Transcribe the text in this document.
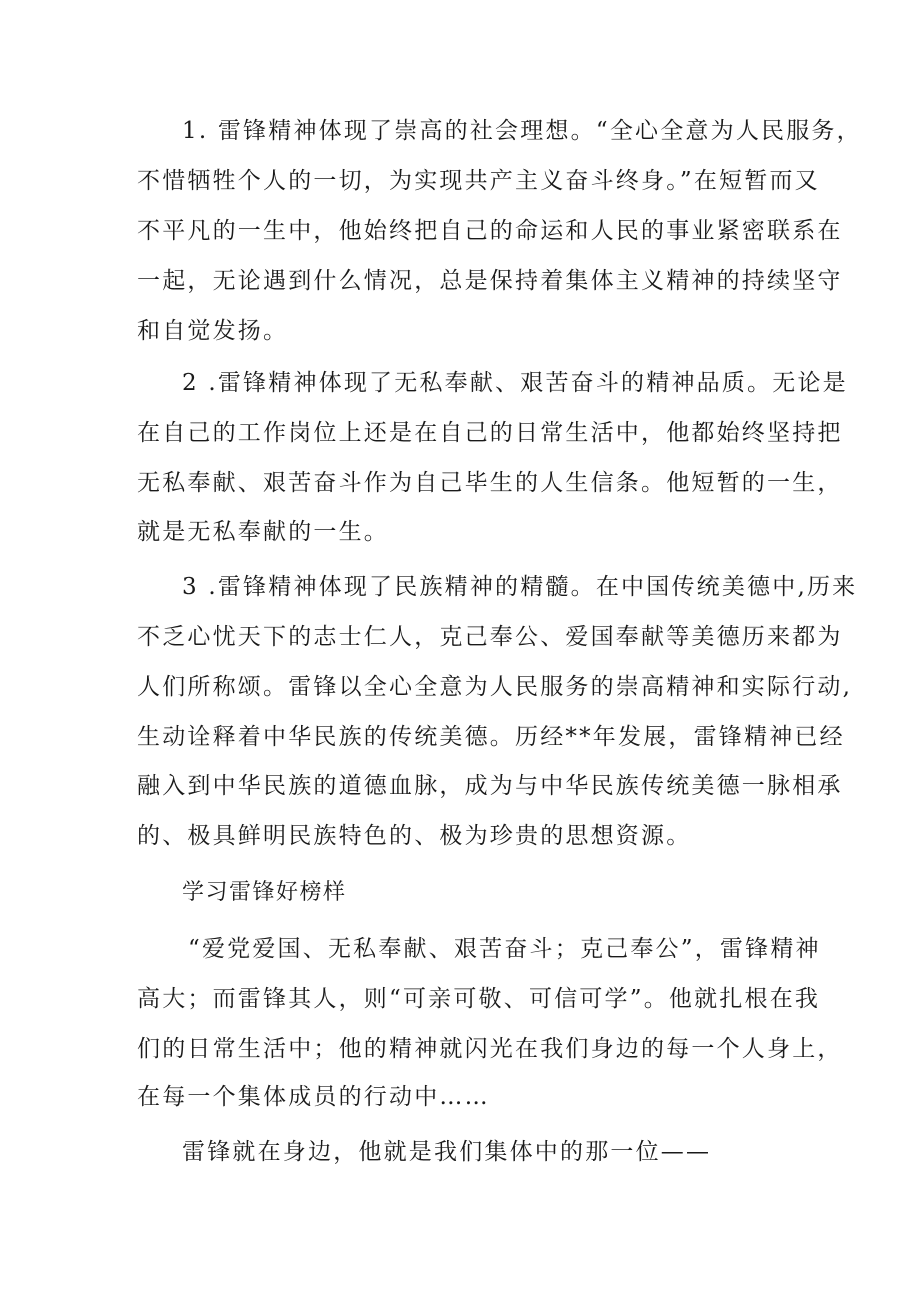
1. 雷锋精神体现了崇高的社会理想。“全心全意为人民服务，
不惜牺牲个人的一切，为实现共产主义奋斗终身。”在短暂而又
不平凡的一生中，他始终把自己的命运和人民的事业紧密联系在
一起，无论遇到什么情况，总是保持着集体主义精神的持续坚守
和自觉发扬。
2 .雷锋精神体现了无私奉献、艰苦奋斗的精神品质。无论是
在自己的工作岗位上还是在自己的日常生活中，他都始终坚持把
无私奉献、艰苦奋斗作为自己毕生的人生信条。他短暂的一生，
就是无私奉献的一生。
3 .雷锋精神体现了民族精神的精髓。在中国传统美德中,历来
不乏心忧天下的志士仁人，克己奉公、爱国奉献等美德历来都为
人们所称颂。雷锋以全心全意为人民服务的崇高精神和实际行动,
生动诠释着中华民族的传统美德。历经**年发展，雷锋精神已经
融入到中华民族的道德血脉，成为与中华民族传统美德一脉相承
的、极具鲜明民族特色的、极为珍贵的思想资源。
学习雷锋好榜样
“爱党爱国、无私奉献、艰苦奋斗；克己奉公”，雷锋精神
高大；而雷锋其人，则“可亲可敬、可信可学”。他就扎根在我
们的日常生活中；他的精神就闪光在我们身边的每一个人身上，
在每一个集体成员的行动中……
雷锋就在身边，他就是我们集体中的那一位——
